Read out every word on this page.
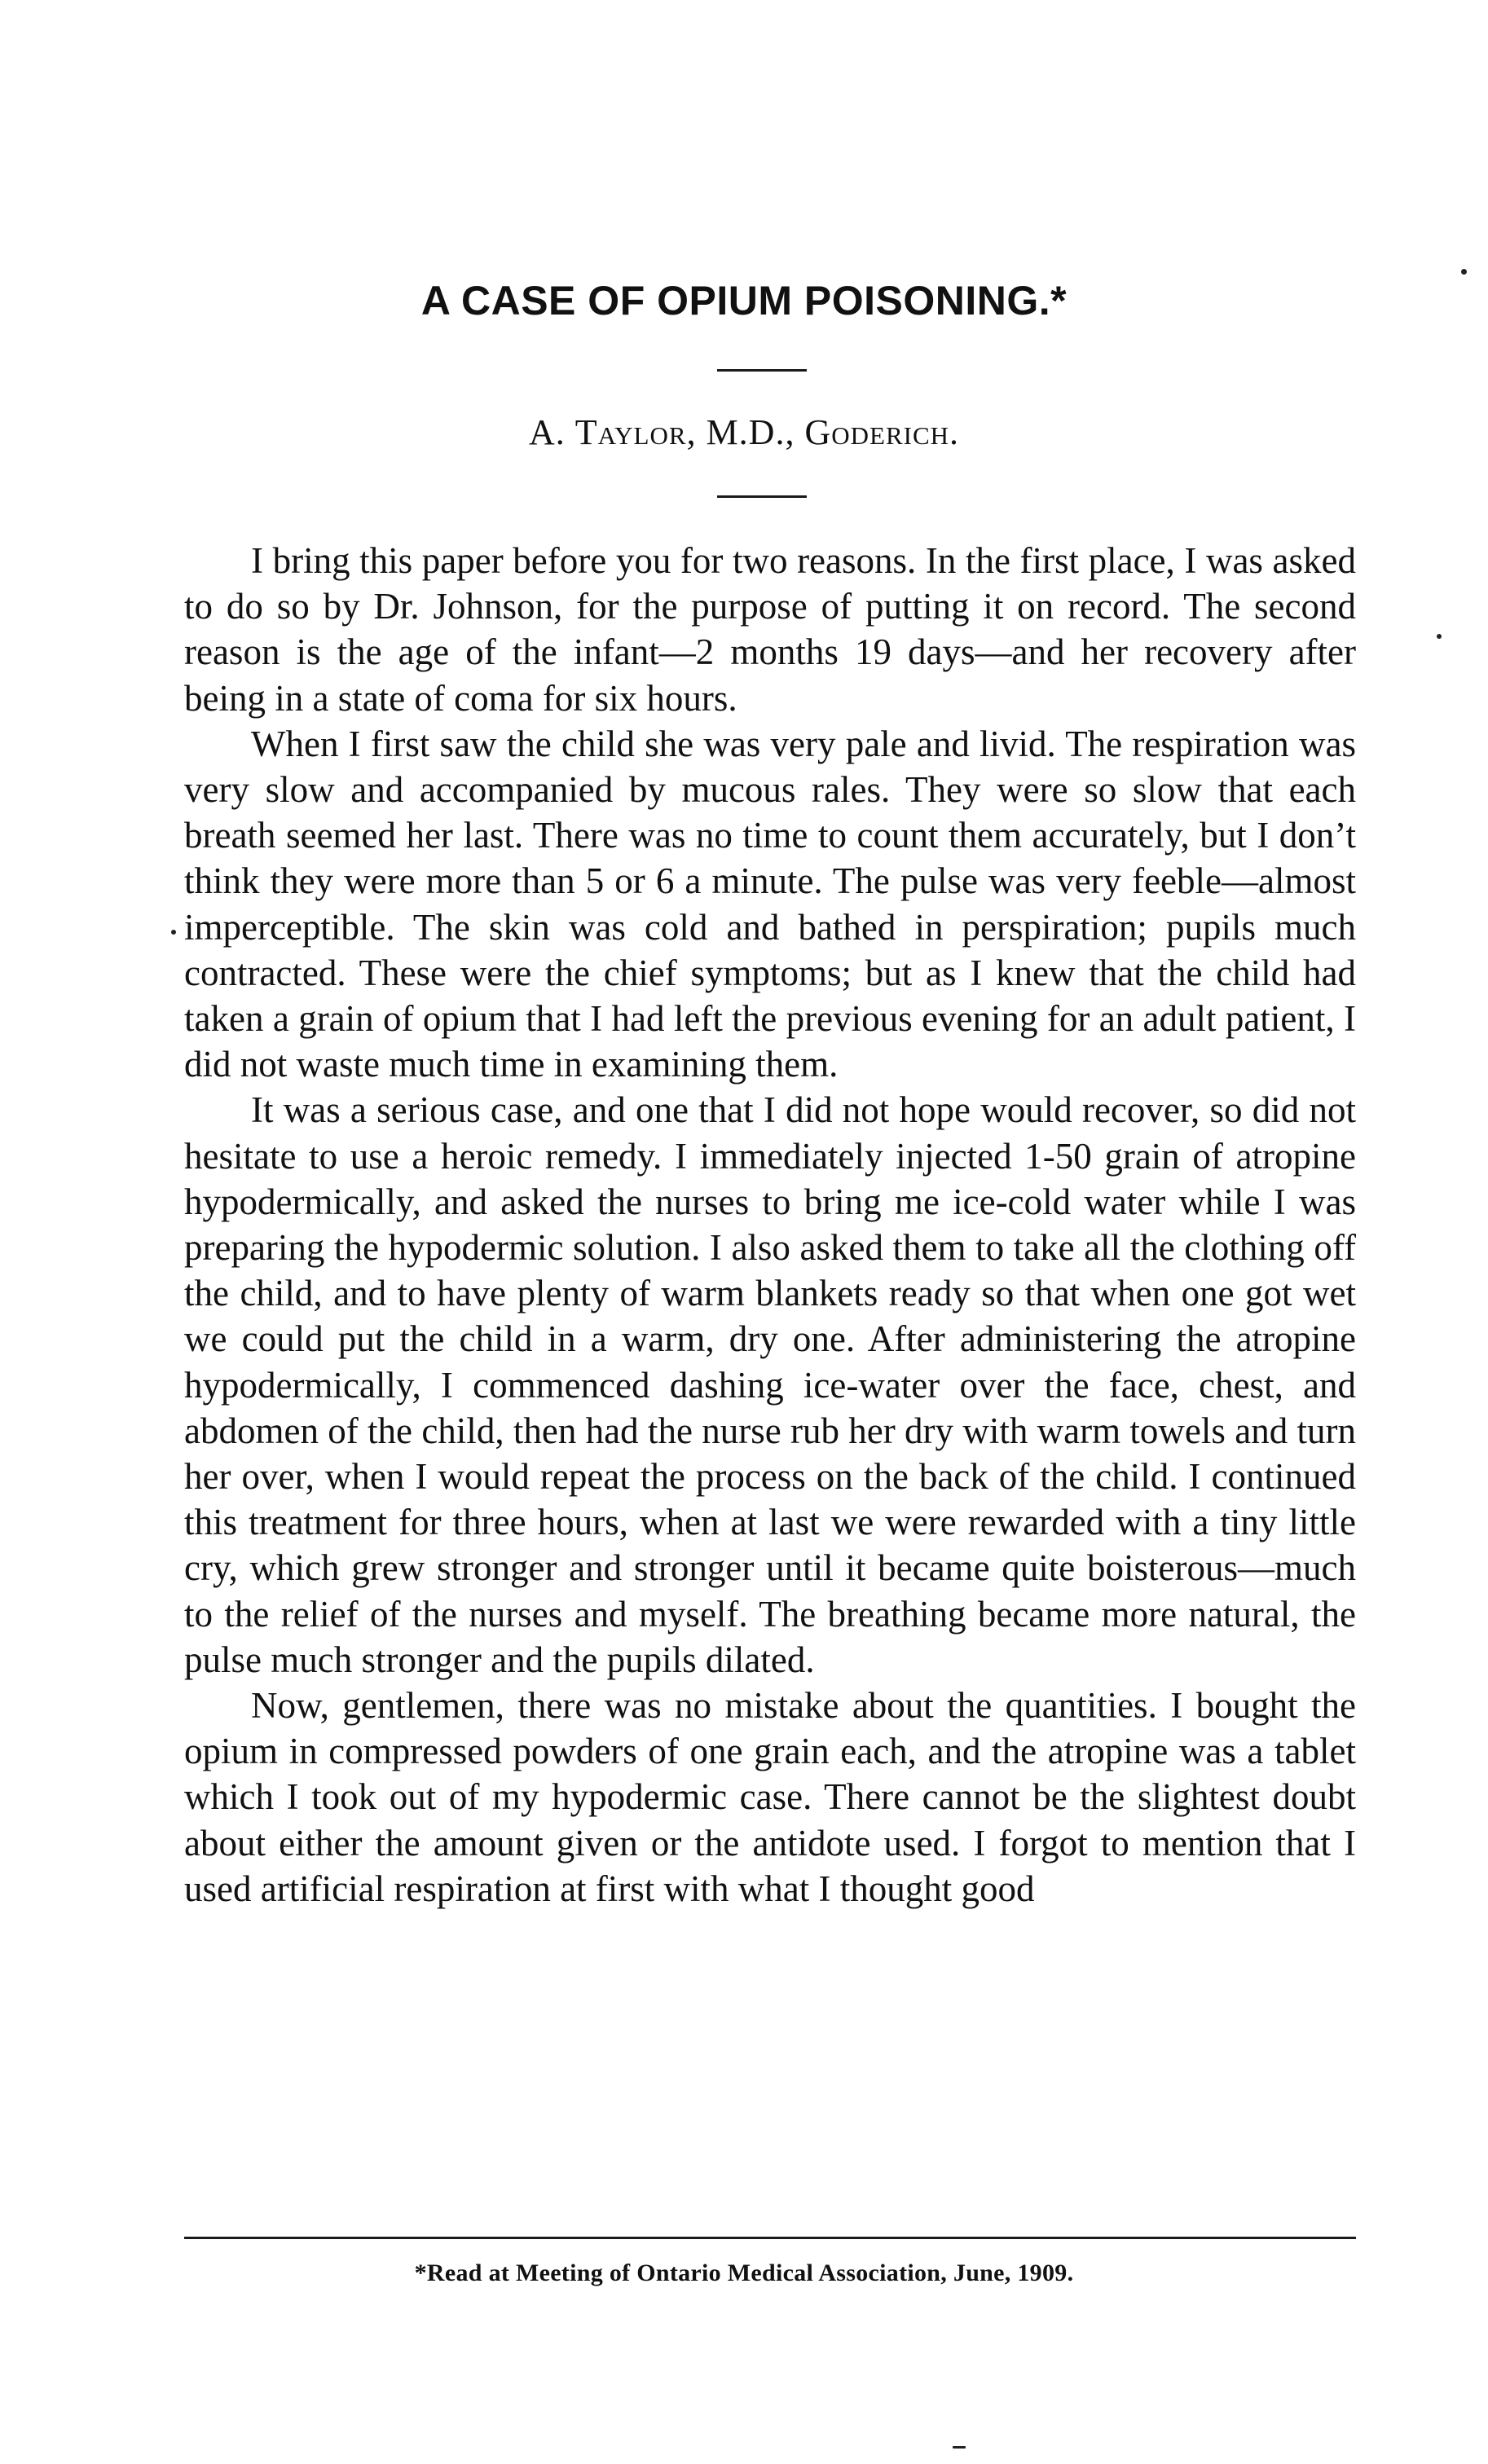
A CASE OF OPIUM POISONING.*
A. Taylor, M.D., Goderich.

I bring this paper before you for two reasons. In the first place, I was asked to do so by Dr. Johnson, for the purpose of putting it on record. The second reason is the age of the infant—2 months 19 days—and her recovery after being in a state of coma for six hours.

When I first saw the child she was very pale and livid. The respiration was very slow and accompanied by mucous rales. They were so slow that each breath seemed her last. There was no time to count them accurately, but I don’t think they were more than 5 or 6 a minute. The pulse was very feeble—almost imperceptible. The skin was cold and bathed in perspiration; pupils much contracted. These were the chief symptoms; but as I knew that the child had taken a grain of opium that I had left the previous evening for an adult patient, I did not waste much time in examining them.

It was a serious case, and one that I did not hope would recover, so did not hesitate to use a heroic remedy. I immediately injected 1-50 grain of atropine hypodermically, and asked the nurses to bring me ice-cold water while I was preparing the hypodermic solution. I also asked them to take all the clothing off the child, and to have plenty of warm blankets ready so that when one got wet we could put the child in a warm, dry one. After administering the atropine hypodermically, I commenced dashing ice-water over the face, chest, and abdomen of the child, then had the nurse rub her dry with warm towels and turn her over, when I would repeat the process on the back of the child. I continued this treatment for three hours, when at last we were rewarded with a tiny little cry, which grew stronger and stronger until it became quite boisterous—much to the relief of the nurses and myself. The breathing became more natural, the pulse much stronger and the pupils dilated.

Now, gentlemen, there was no mistake about the quantities. I bought the opium in compressed powders of one grain each, and the atropine was a tablet which I took out of my hypodermic case. There cannot be the slightest doubt about either the amount given or the antidote used. I forgot to mention that I used artificial respiration at first with what I thought good

*Read at Meeting of Ontario Medical Association, June, 1909.
